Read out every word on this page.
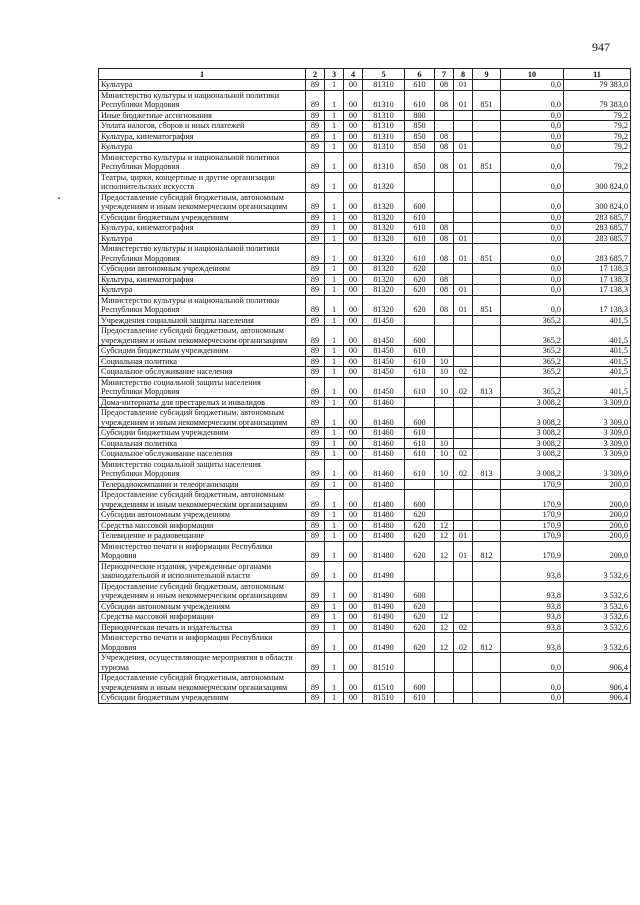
947
1	2	3	4	5	6	7	8	9	10	11
Культура	89	1	00	81310	610	08	01		0,0	79 383,0
Министерство культуры и национальной политики Республики Мордовия	89	1	00	81310	610	08	01	851	0,0	79 383,0
Иные бюджетные ассигнования	89	1	00	81310	800				0,0	79,2
Уплата налогов, сборов и иных платежей	89	1	00	81310	850				0,0	79,2
Культура, кинематография	89	1	00	81310	850	08			0,0	79,2
Культура	89	1	00	81310	850	08	01		0,0	79,2
Министерство культуры и национальной политики Республики Мордовия	89	1	00	81310	850	08	01	851	0,0	79,2
Театры, цирки, концертные и другие организации исполнительских искусств	89	1	00	81320					0,0	300 824,0
Предоставление субсидий бюджетным, автономным учреждениям и иным некоммерческим организациям	89	1	00	81320	600				0,0	300 824,0
Субсидии бюджетным учреждениям	89	1	00	81320	610				0,0	283 685,7
Культура, кинематография	89	1	00	81320	610	08			0,0	283 685,7
Культура	89	1	00	81320	610	08	01		0,0	283 685,7
Министерство культуры и национальной политики Республики Мордовия	89	1	00	81320	610	08	01	851	0,0	283 685,7
Субсидии автономным учреждениям	89	1	00	81320	620				0,0	17 138,3
Культура, кинематография	89	1	00	81320	620	08			0,0	17 138,3
Культура	89	1	00	81320	620	08	01		0,0	17 138,3
Министерство культуры и национальной политики Республики Мордовия	89	1	00	81320	620	08	01	851	0,0	17 138,3
Учреждения социальной защиты населения	89	1	00	81450					365,2	401,5
Предоставление субсидий бюджетным, автономным учреждениям и иным некоммерческим организациям	89	1	00	81450	600				365,2	401,5
Субсидии бюджетным учреждениям	89	1	00	81450	610				365,2	401,5
Социальная политика	89	1	00	81450	610	10			365,2	401,5
Социальное обслуживание населения	89	1	00	81450	610	10	02		365,2	401,5
Министерство социальной защиты населения Республики Мордовия	89	1	00	81450	610	10	02	813	365,2	401,5
Дома-интернаты для престарелых и инвалидов	89	1	00	81460					3 008,2	3 309,0
Предоставление субсидий бюджетным, автономным учреждениям и иным некоммерческим организациям	89	1	00	81460	600				3 008,2	3 309,0
Субсидии бюджетным учреждениям	89	1	00	81460	610				3 008,2	3 309,0
Социальная политика	89	1	00	81460	610	10			3 008,2	3 309,0
Социальное обслуживание населения	89	1	00	81460	610	10	02		3 008,2	3 309,0
Министерство социальной защиты населения Республики Мордовия	89	1	00	81460	610	10	02	813	3 008,2	3 309,0
Телерадиокомпании и телеорганизации	89	1	00	81480					170,9	200,0
Предоставление субсидий бюджетным, автономным учреждениям и иным некоммерческим организациям	89	1	00	81480	600				170,9	200,0
Субсидии автономным учреждениям	89	1	00	81480	620				170,9	200,0
Средства массовой информации	89	1	00	81480	620	12			170,9	200,0
Телевидение и радиовещание	89	1	00	81480	620	12	01		170,9	200,0
Министерство печати и информации Республики Мордовия	89	1	00	81480	620	12	01	812	170,9	200,0
Периодические издания, учрежденные органами законодательной и исполнительной власти	89	1	00	81490					93,8	3 532,6
Предоставление субсидий бюджетным, автономным учреждениям и иным некоммерческим организациям	89	1	00	81490	600				93,8	3 532,6
Субсидии автономным учреждениям	89	1	00	81490	620				93,8	3 532,6
Средства массовой информации	89	1	00	81490	620	12			93,8	3 532,6
Периодическая печать и издательства	89	1	00	81490	620	12	02		93,8	3 532,6
Министерство печати и информации Республики Мордовия	89	1	00	81490	620	12	02	812	93,8	3 532,6
Учреждения, осуществляющие мероприятия в области туризма	89	1	00	81510					0,0	906,4
Предоставление субсидий бюджетным, автономным учреждениям и иным некоммерческим организациям	89	1	00	81510	600				0,0	906,4
Субсидии бюджетным учреждениям	89	1	00	81510	610				0,0	906,4
